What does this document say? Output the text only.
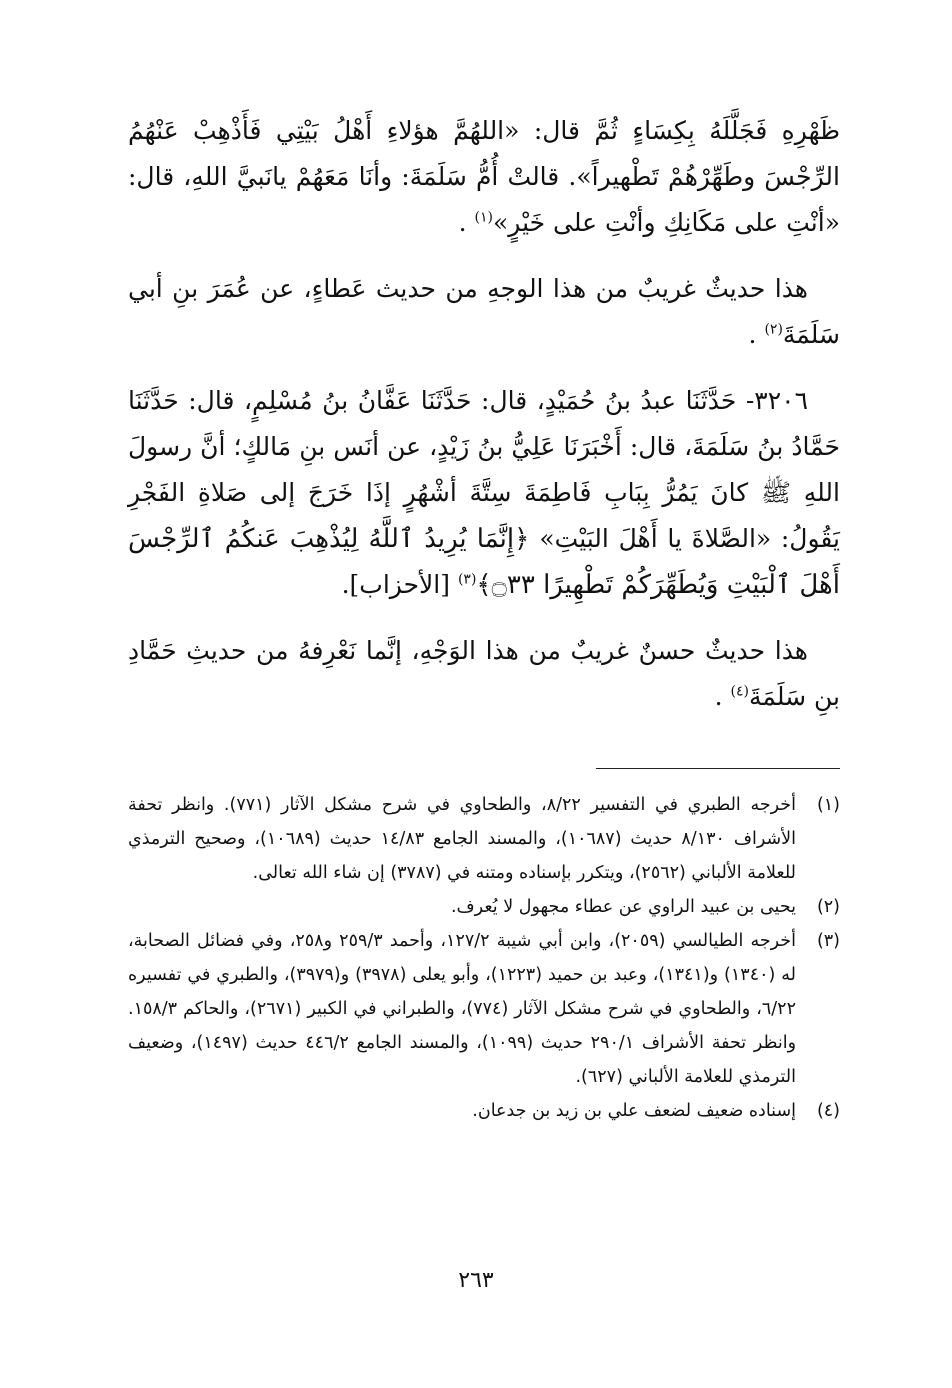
ظَهْرِهِ فَجَلَّلَهُ بِكِسَاءٍ ثُمَّ قال: «اللهُمَّ هؤلاءِ أَهْلُ بَيْتِي فَأَذْهِبْ عَنْهُمُ الرِّجْسَ وطَهِّرْهُمْ تَطْهيراً». قالتْ أُمُّ سَلَمَةَ: وأنَا مَعَهُمْ يانَبيَّ اللهِ، قال: «أنْتِ على مَكَانِكِ وأنْتِ على خَيْرٍ»$^{(١)}$ .

هذا حديثٌ غريبٌ من هذا الوجهِ من حديث عَطاءٍ، عن عُمَرَ بنِ أبي سَلَمَةَ$^{(٢)}$ .

٣٢٠٦- حَدَّثَنَا عبدُ بنُ حُمَيْدٍ، قال: حَدَّثَنَا عَفَّانُ بنُ مُسْلِمٍ، قال: حَدَّثَنَا حَمَّادُ بنُ سَلَمَةَ، قال: أَخْبَرَنَا عَلِيُّ بنُ زَيْدٍ، عن أنَس بنِ مَالكٍ؛ أنَّ رسولَ اللهِ ﷺ كانَ يَمُرُّ بِبَابِ فَاطِمَةَ سِتَّةَ أشْهُرٍ إذَا خَرَجَ إلى صَلاةِ الفَجْرِ يَقُولُ: «الصَّلاةَ يا أَهْلَ البَيْتِ» ﴿إِنَّمَا يُرِيدُ ٱللَّهُ لِيُذْهِبَ عَنكُمُ ٱلرِّجْسَ أَهْلَ ٱلْبَيْتِ وَيُطَهِّرَكُمْ تَطْهِيرًا ۝٣٣﴾$^{(٣)}$ [الأحزاب].

هذا حديثٌ حسنٌ غريبٌ من هذا الوَجْهِ، إنَّما نَعْرِفهُ من حديثِ حَمَّادِ بنِ سَلَمَةَ$^{(٤)}$ .

(١)
أخرجه الطبري في التفسير ٨/٢٢، والطحاوي في شرح مشكل الآثار (٧٧١). وانظر تحفة الأشراف ٨/١٣٠ حديث (١٠٦٨٧)، والمسند الجامع ١٤/٨٣ حديث (١٠٦٨٩)، وصحيح الترمذي للعلامة الألباني (٢٥٦٢)، ويتكرر بإسناده ومتنه في (٣٧٨٧) إن شاء الله تعالى.
(٢)
يحيى بن عبيد الراوي عن عطاء مجهول لا يُعرف.
(٣)
أخرجه الطيالسي (٢٠٥٩)، وابن أبي شيبة ١٢٧/٢، وأحمد ٢٥٩/٣ و٢٥٨، وفي فضائل الصحابة، له (١٣٤٠) و(١٣٤١)، وعبد بن حميد (١٢٢٣)، وأبو يعلى (٣٩٧٨) و(٣٩٧٩)، والطبري في تفسيره ٦/٢٢، والطحاوي في شرح مشكل الآثار (٧٧٤)، والطبراني في الكبير (٢٦٧١)، والحاكم ١٥٨/٣. وانظر تحفة الأشراف ٢٩٠/١ حديث (١٠٩٩)، والمسند الجامع ٤٤٦/٢ حديث (١٤٩٧)، وضعيف الترمذي للعلامة الألباني (٦٢٧).
(٤)
إسناده ضعيف لضعف علي بن زيد بن جدعان.
٢٦٣
